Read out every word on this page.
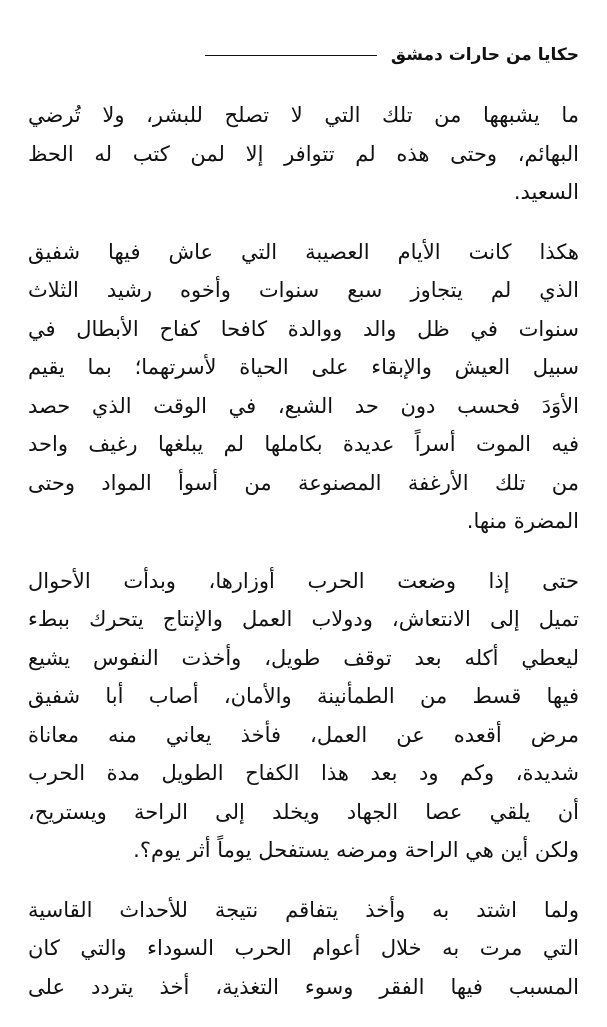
حكايا من حارات دمشق
ما يشبهها من تلك التي لا تصلح للبشر، ولا تُرضي
البهائم، وحتى هذه لم تتوافر إلا لمن كتب له الحظ
السعيد.
هكذا كانت الأيام العصيبة التي عاش فيها شفيق
الذي لم يتجاوز سبع سنوات وأخوه رشيد الثلاث
سنوات في ظل والد ووالدة كافحا كفاح الأبطال في
سبيل العيش والإبقاء على الحياة لأسرتهما؛ بما يقيم
الأوَدَ فحسب دون حد الشبع، في الوقت الذي حصد
فيه الموت أسراً عديدة بكاملها لم يبلغها رغيف واحد
من تلك الأرغفة المصنوعة من أسوأ المواد وحتى
المضرة منها.
حتى إذا وضعت الحرب أوزارها، وبدأت الأحوال
تميل إلى الانتعاش، ودولاب العمل والإنتاج يتحرك ببطء
ليعطي أكله بعد توقف طويل، وأخذت النفوس يشيع
فيها قسط من الطمأنينة والأمان، أصاب أبا شفيق
مرض أقعده عن العمل، فأخذ يعاني منه معاناة
شديدة، وكم ود بعد هذا الكفاح الطويل مدة الحرب
أن يلقي عصا الجهاد ويخلد إلى الراحة ويستريح،
ولكن أين هي الراحة ومرضه يستفحل يوماً أثر يوم؟.
ولما اشتد به وأخذ يتفاقم نتيجة للأحداث القاسية
التي مرت به خلال أعوام الحرب السوداء والتي كان
المسبب فيها الفقر وسوء التغذية، أخذ يتردد على
